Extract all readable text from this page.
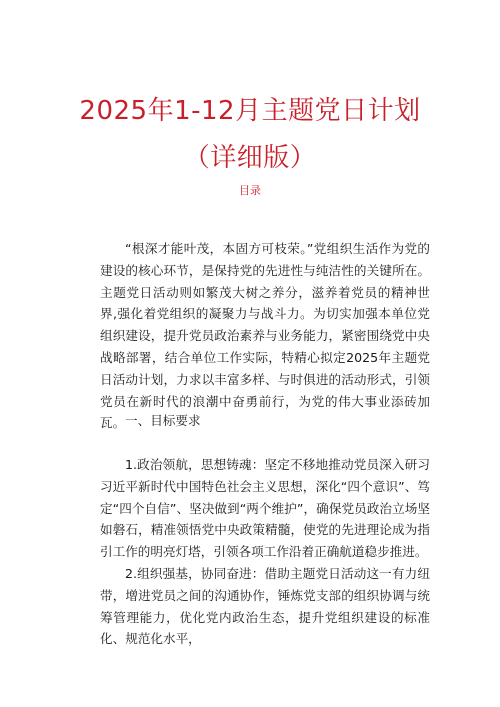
2025年1-12月主题党日计划
（详细版）
目录

“根深才能叶茂，本固方可枝荣。”党组织生活作为党的建设的核心环节，是保持党的先进性与纯洁性的关键所在。主题党日活动则如繁茂大树之养分，滋养着党员的精神世界,强化着党组织的凝聚力与战斗力。为切实加强本单位党组织建设，提升党员政治素养与业务能力，紧密围绕党中央战略部署，结合单位工作实际，特精心拟定2025年主题党日活动计划，力求以丰富多样、与时俱进的活动形式，引领党员在新时代的浪潮中奋勇前行，为党的伟大事业添砖加瓦。 一、目标要求

1.政治领航，思想铸魂：坚定不移地推动党员深入研习习近平新时代中国特色社会主义思想，深化“四个意识”、笃定“四个自信”、坚决做到“两个维护”，确保党员政治立场坚如磐石，精准领悟党中央政策精髓，使党的先进理论成为指引工作的明亮灯塔，引领各项工作沿着正确航道稳步推进。

2.组织强基，协同奋进：借助主题党日活动这一有力纽带，增进党员之间的沟通协作，锤炼党支部的组织协调与统筹管理能力，优化党内政治生态，提升党组织建设的标准化、规范化水平，
